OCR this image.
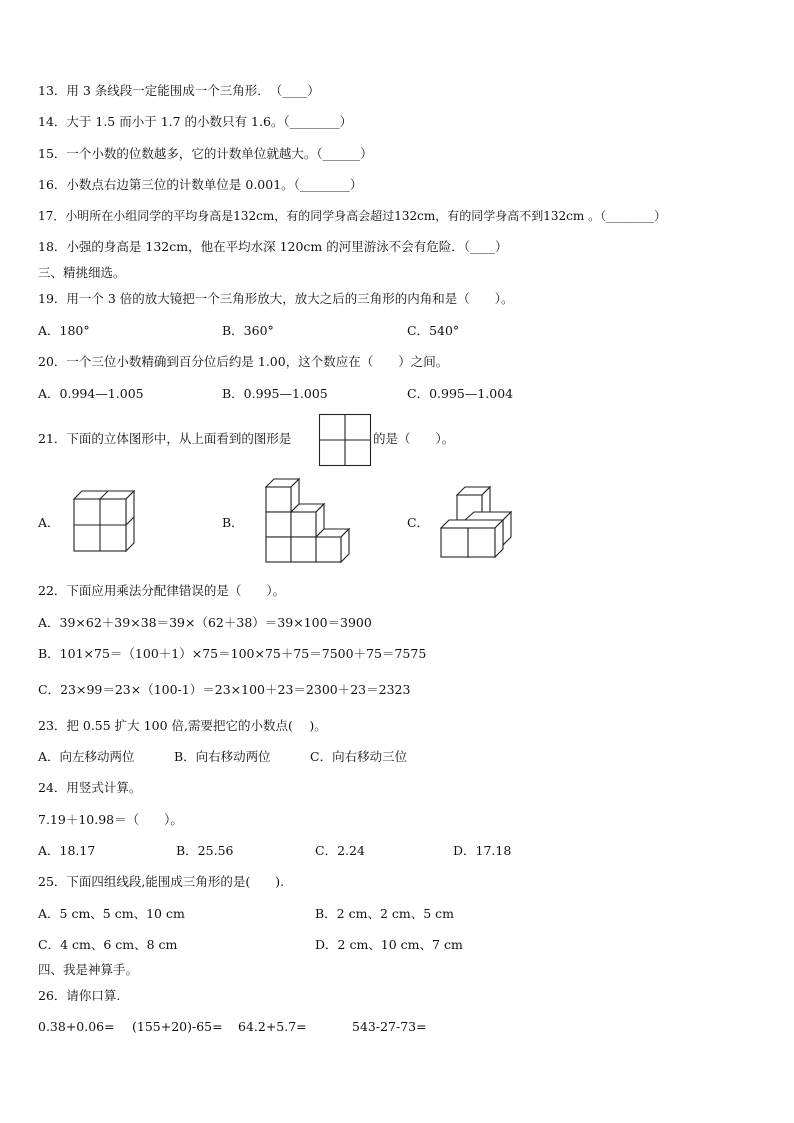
13．用 3 条线段一定能围成一个三角形．　（____）
14．大于 1.5 而小于 1.7 的小数只有 1.6。（________）
15．一个小数的位数越多，它的计数单位就越大。（______）
16．小数点右边第三位的计数单位是 0.001。（________）
17．小明所在小组同学的平均身高是132cm，有的同学身高会超过132cm，有的同学身高不到132cm 。（________）
18．小强的身高是 132cm，他在平均水深 120cm 的河里游泳不会有危险．（____）
三、精挑细选。
19．用一个 3 倍的放大镜把一个三角形放大，放大之后的三角形的内角和是（　　）。
A．180°	B．360°	C．540°
20．一个三位小数精确到百分位后约是 1.00，这个数应在（　　）之间。
A．0.994—1.005	B．0.995—1.005	C．0.995—1.004
21．下面的立体图形中，从上面看到的图形是	的是（　　）。
A．	B．	C．
22．下面应用乘法分配律错误的是（　　）。
A．39×62＋39×38＝39×（62＋38）＝39×100＝3900
B．101×75＝（100＋1）×75＝100×75＋75＝7500＋75＝7575
C．23×99＝23×（100-1）＝23×100＋23＝2300＋23＝2323
23．把 0.55 扩大 100 倍,需要把它的小数点(　 )。
A．向左移动两位	B．向右移动两位	C．向右移动三位
24．用竖式计算。
7.19＋10.98＝（　　）。
A．18.17	B．25.56	C．2.24	D．17.18
25．下面四组线段,能围成三角形的是(　　).
A．5 cm、5 cm、10 cm	B．2 cm、2 cm、5 cm
C．4 cm、6 cm、8 cm	D．2 cm、10 cm、7 cm
四、我是神算手。
26．请你口算.
0.38+0.06= (155+20)-65= 64.2+5.7=	543-27-73=
